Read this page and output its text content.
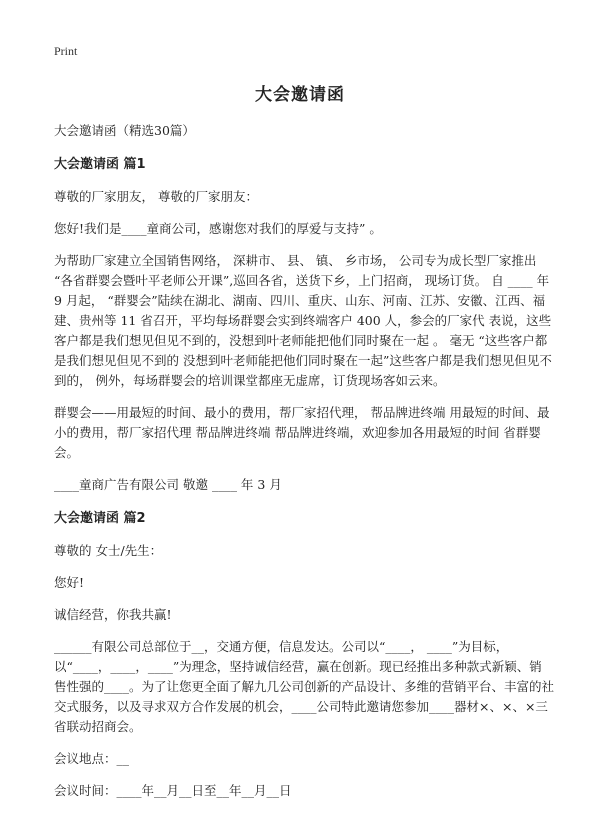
Print
大会邀请函

大会邀请函（精选30篇）

大会邀请函 篇1

尊敬的厂家朋友， 尊敬的厂家朋友：

您好!我们是____童商公司，感谢您对我们的厚爱与支持” 。

为帮助厂家建立全国销售网络， 深耕市、 县、 镇、 乡市场， 公司专为成长型厂家推出 “各省群婴会暨叶平老师公开课”,巡回各省，送货下乡，上门招商， 现场订货。 自 ____ 年 9 月起， “群婴会”陆续在湖北、湖南、四川、重庆、山东、河南、江苏、安徽、江西、福建、贵州等 11 省召开，平均每场群婴会实到终端客户 400 人，参会的厂家代 表说，这些客户都是我们想见但见不到的，没想到叶老师能把他们同时聚在一起 。 毫无 “这些客户都是我们想见但见不到的 没想到叶老师能把他们同时聚在一起”这些客户都是我们想见但见不到的， 例外，每场群婴会的培训课堂都座无虚席，订货现场客如云来。

群婴会——用最短的时间、最小的费用，帮厂家招代理， 帮品牌进终端 用最短的时间、最小的费用，帮厂家招代理 帮品牌进终端 帮品牌进终端，欢迎参加各用最短的时间 省群婴会。

____童商广告有限公司 敬邀 ____ 年 3 月

大会邀请函 篇2

尊敬的 女士/先生：

您好!

诚信经营，你我共赢!

______有限公司总部位于__，交通方便，信息发达。公司以“____， ____”为目标，以“____，____，____”为理念，坚持诚信经营，赢在创新。现已经推出多种款式新颖、销售性强的____。为了让您更全面了解九几公司创新的产品设计、多维的营销平台、丰富的社交式服务，以及寻求双方合作发展的机会，____公司特此邀请您参加____器材×、×、×三省联动招商会。

会议地点：__

会议时间：____年__月__日至__年__月__日
